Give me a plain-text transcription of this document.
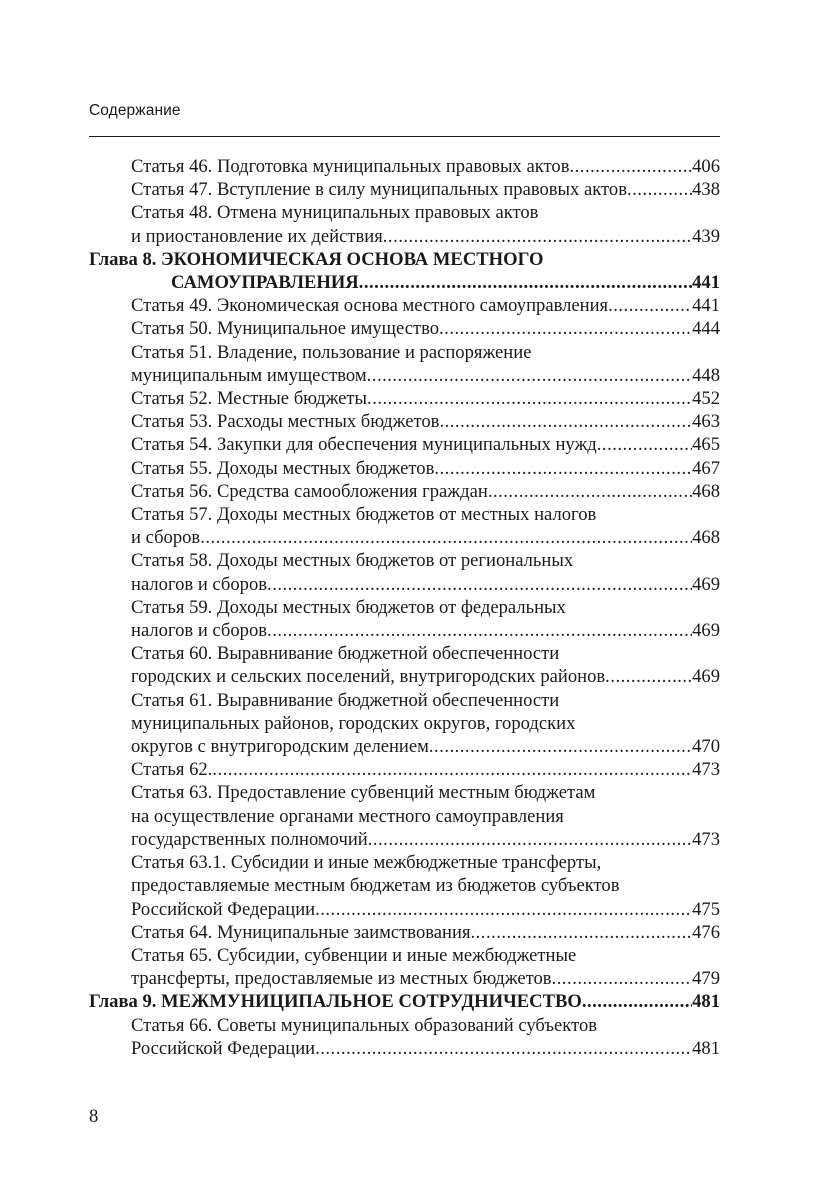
Содержание
Статья 46. Подготовка муниципальных правовых актов .....	406
Статья 47. Вступление в силу муниципальных правовых актов .....	438
Статья 48. Отмена муниципальных правовых актов
и приостановление их действия .....	439
Глава 8. ЭКОНОМИЧЕСКАЯ ОСНОВА МЕСТНОГО
САМОУПРАВЛЕНИЯ .....	441
Статья 49. Экономическая основа местного самоуправления .....	441
Статья 50. Муниципальное имущество .....	444
Статья 51. Владение, пользование и распоряжение
муниципальным имуществом .....	448
Статья 52. Местные бюджеты .....	452
Статья 53. Расходы местных бюджетов .....	463
Статья 54. Закупки для обеспечения муниципальных нужд .....	465
Статья 55. Доходы местных бюджетов .....	467
Статья 56. Средства самообложения граждан .....	468
Статья 57. Доходы местных бюджетов от местных налогов
и сборов .....	468
Статья 58. Доходы местных бюджетов от региональных
налогов и сборов .....	469
Статья 59. Доходы местных бюджетов от федеральных
налогов и сборов .....	469
Статья 60. Выравнивание бюджетной обеспеченности
городских и сельских поселений, внутригородских районов .....	469
Статья 61. Выравнивание бюджетной обеспеченности
муниципальных районов, городских округов, городских
округов с внутригородским делением .....	470
Статья 62. .....	473
Статья 63. Предоставление субвенций местным бюджетам
на осуществление органами местного самоуправления
государственных полномочий .....	473
Статья 63.1. Субсидии и иные межбюджетные трансферты,
предоставляемые местным бюджетам из бюджетов субъектов
Российской Федерации .....	475
Статья 64. Муниципальные заимствования .....	476
Статья 65. Субсидии, субвенции и иные межбюджетные
трансферты, предоставляемые из местных бюджетов .....	479
Глава 9. МЕЖМУНИЦИПАЛЬНОЕ СОТРУДНИЧЕСТВО .....	481
Статья 66. Советы муниципальных образований субъектов
Российской Федерации .....	481
8
